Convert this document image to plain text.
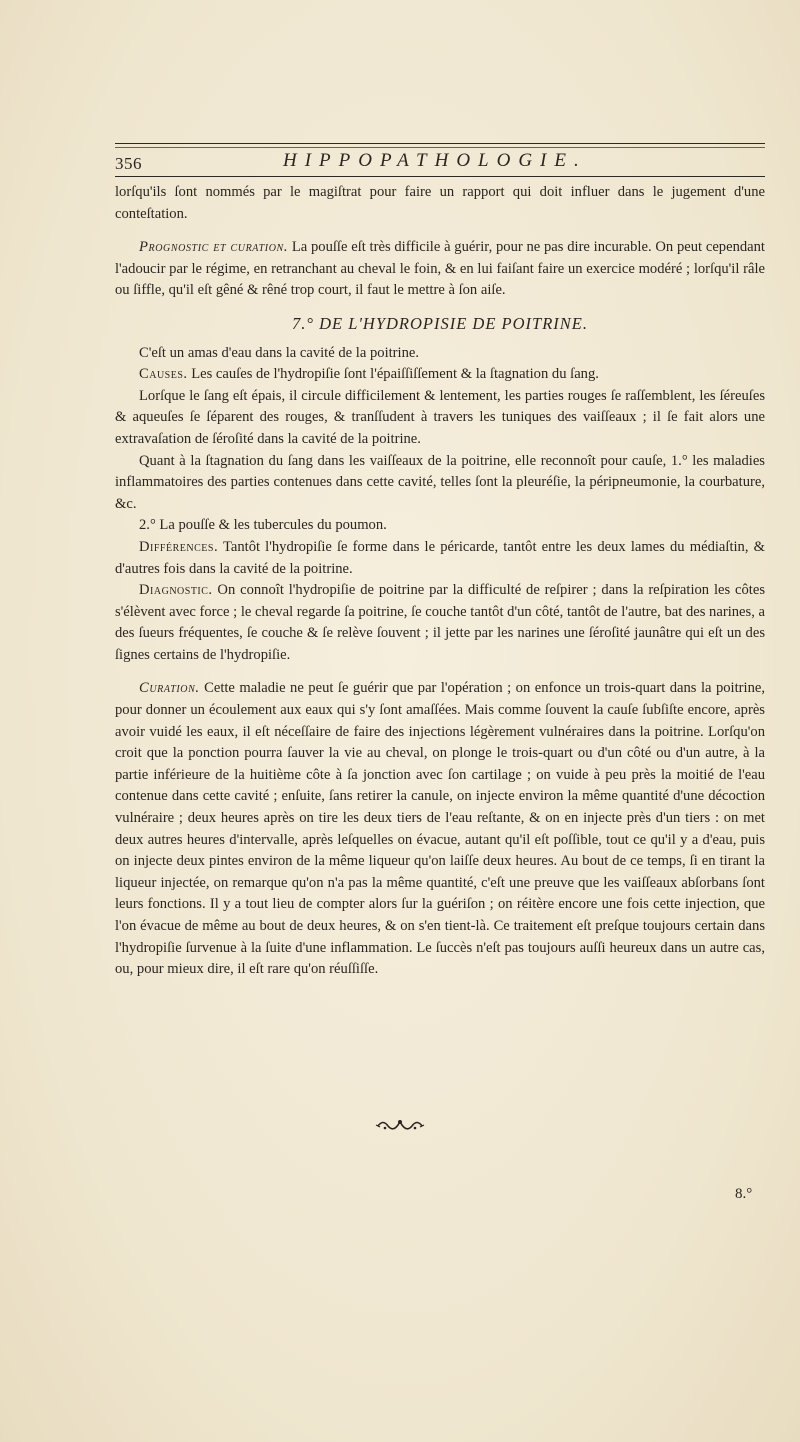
356	HIPPOPATHOLOGIE.

lorſqu'ils ſont nommés par le magiſtrat pour faire un rapport qui doit influer dans le jugement d'une conteſtation.

Prognostic et curation. La pouſſe eſt très difficile à guérir, pour ne pas dire incurable. On peut cependant l'adoucir par le régime, en retranchant au cheval le foin, & en lui faiſant faire un exercice modéré ; lorſqu'il râle ou ſiffle, qu'il eſt gêné & rêné trop court, il faut le mettre à ſon aiſe.

7.° DE L'HYDROPISIE DE POITRINE.

C'eſt un amas d'eau dans la cavité de la poitrine.

Causes. Les cauſes de l'hydropiſie ſont l'épaiſſiſſement & la ſtagnation du ſang.

Lorſque le ſang eſt épais, il circule difficilement & lentement, les parties rouges ſe raſſemblent, les ſéreuſes & aqueuſes ſe ſéparent des rouges, & tranſſudent à travers les tuniques des vaiſſeaux ; il ſe fait alors une extravaſation de ſéroſité dans la cavité de la poitrine.

Quant à la ſtagnation du ſang dans les vaiſſeaux de la poitrine, elle reconnoît pour cauſe, 1.° les maladies inflammatoires des parties contenues dans cette cavité, telles ſont la pleuréſie, la péripneumonie, la courbature, &c.

2.° La pouſſe & les tubercules du poumon.

Différences. Tantôt l'hydropiſie ſe forme dans le péricarde, tantôt entre les deux lames du médiaſtin, & d'autres fois dans la cavité de la poitrine.

Diagnostic. On connoît l'hydropiſie de poitrine par la difficulté de reſpirer ; dans la reſpiration les côtes s'élèvent avec force ; le cheval regarde ſa poitrine, ſe couche tantôt d'un côté, tantôt de l'autre, bat des narines, a des ſueurs fréquentes, ſe couche & ſe relève ſouvent ; il jette par les narines une ſéroſité jaunâtre qui eſt un des ſignes certains de l'hydropiſie.

Curation. Cette maladie ne peut ſe guérir que par l'opération ; on enfonce un trois-quart dans la poitrine, pour donner un écoulement aux eaux qui s'y ſont amaſſées. Mais comme ſouvent la cauſe ſubſiſte encore, après avoir vuidé les eaux, il eſt néceſſaire de faire des injections légèrement vulnéraires dans la poitrine. Lorſqu'on croit que la ponction pourra ſauver la vie au cheval, on plonge le trois-quart ou d'un côté ou d'un autre, à la partie inférieure de la huitième côte à ſa jonction avec ſon cartilage ; on vuide à peu près la moitié de l'eau contenue dans cette cavité ; enſuite, ſans retirer la canule, on injecte environ la même quantité d'une décoction vulnéraire ; deux heures après on tire les deux tiers de l'eau reſtante, & on en injecte près d'un tiers : on met deux autres heures d'intervalle, après leſquelles on évacue, autant qu'il eſt poſſible, tout ce qu'il y a d'eau, puis on injecte deux pintes environ de la même liqueur qu'on laiſſe deux heures. Au bout de ce temps, ſi en tirant la liqueur injectée, on remarque qu'on n'a pas la même quantité, c'eſt une preuve que les vaiſſeaux abſorbans ſont leurs fonctions. Il y a tout lieu de compter alors ſur la guériſon ; on réitère encore une fois cette injection, que l'on évacue de même au bout de deux heures, & on s'en tient-là. Ce traitement eſt preſque toujours certain dans l'hydropiſie ſurvenue à la ſuite d'une inflammation. Le ſuccès n'eſt pas toujours auſſi heureux dans un autre cas, ou, pour mieux dire, il eſt rare qu'on réuſſiſſe.

8.°
